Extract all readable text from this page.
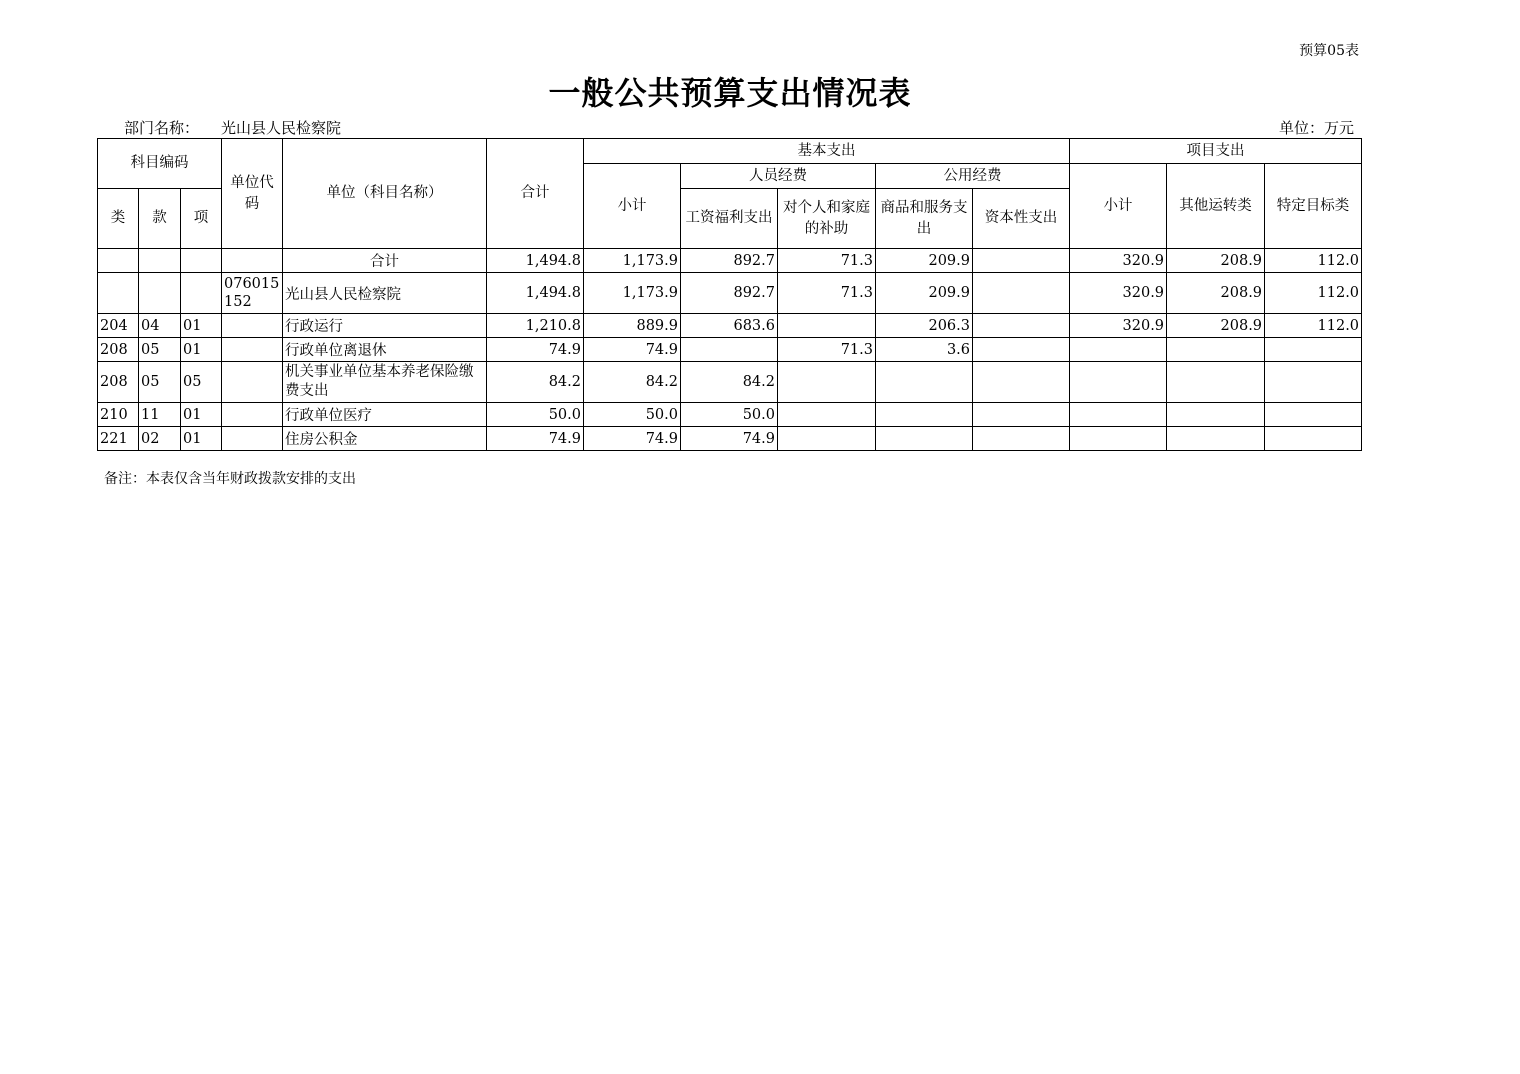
预算05表
一般公共预算支出情况表
部门名称： 光山县人民检察院	单位：万元
科目编码			单位代码	单位（科目名称）	合计	基本支出					项目支出		
						小计	人员经费		公用经费		小计	其他运转类	特定目标类
类	款	项					工资福利支出	对个人和家庭的补助	商品和服务支出	资本性支出			
				合计	1,494.8	1,173.9	892.7	71.3	209.9		320.9	208.9	112.0
			076015152	光山县人民检察院	1,494.8	1,173.9	892.7	71.3	209.9		320.9	208.9	112.0
204	04	01		行政运行	1,210.8	889.9	683.6		206.3		320.9	208.9	112.0
208	05	01		行政单位离退休	74.9	74.9		71.3	3.6				
208	05	05		机关事业单位基本养老保险缴费支出	84.2	84.2	84.2						
210	11	01		行政单位医疗	50.0	50.0	50.0						
221	02	01		住房公积金	74.9	74.9	74.9						
备注：本表仅含当年财政拨款安排的支出
